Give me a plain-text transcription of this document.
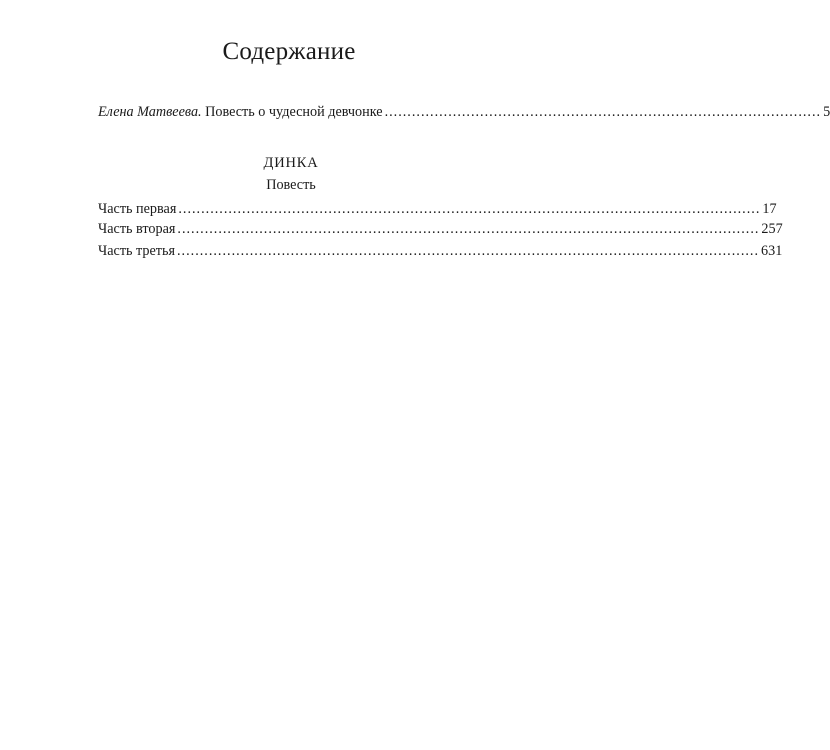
Содержание
Елена Матвеева. Повесть о чудесной девчонке ................................................................................................ 5
ДИНКА
Повесть
Часть первая ................................................................................................................................ 17
Часть вторая ................................................................................................................................ 257
Часть третья ................................................................................................................................ 631
